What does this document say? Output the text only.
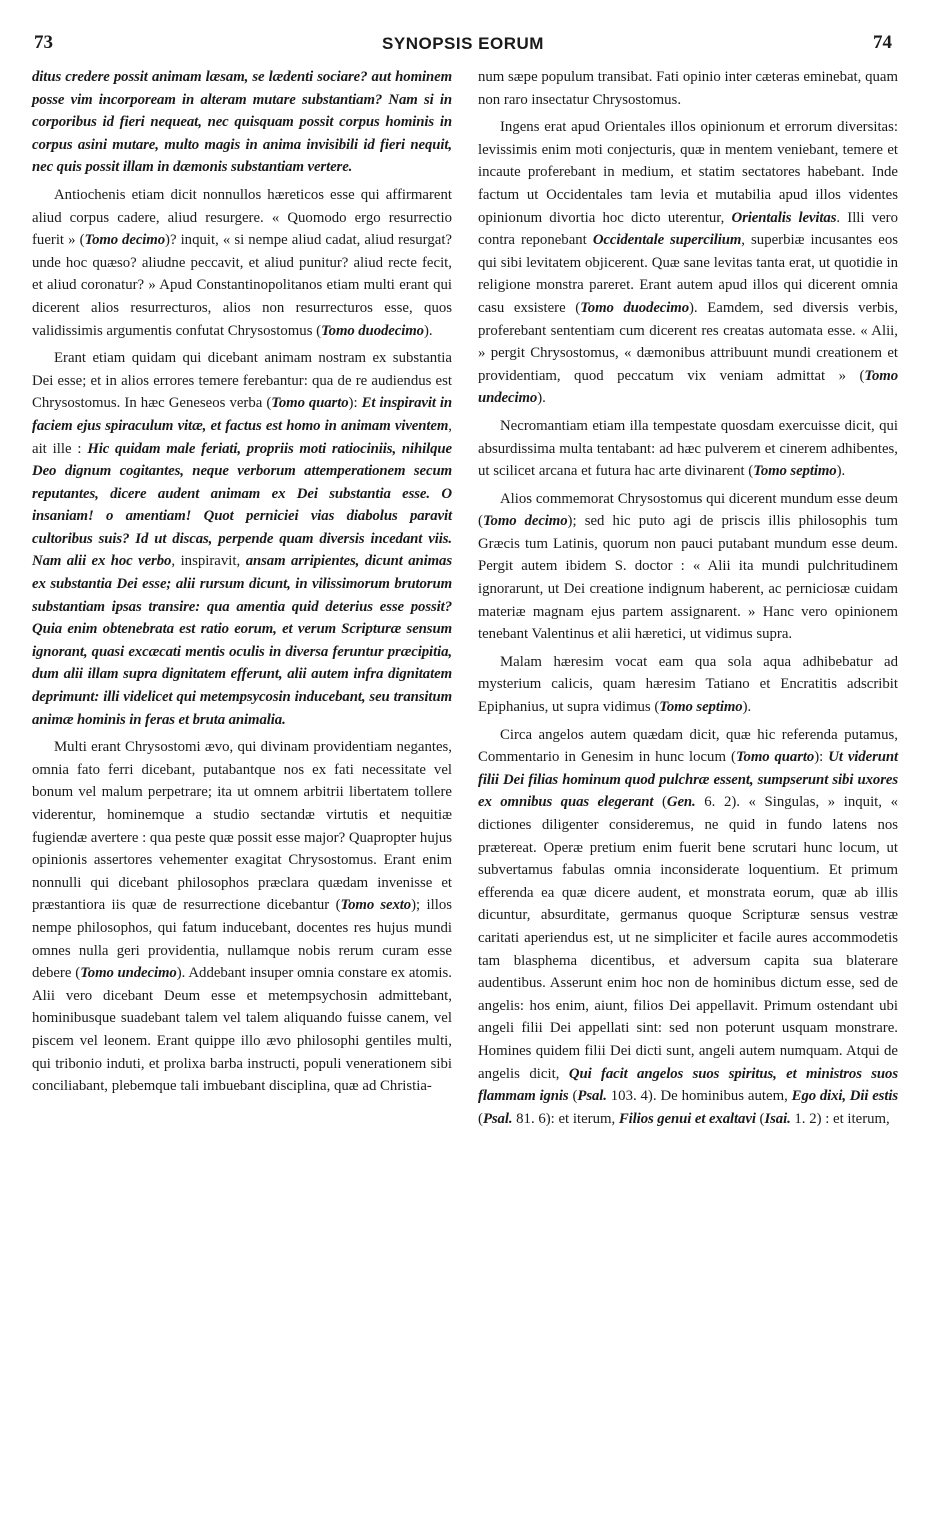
73	SYNOPSIS EORUM	74

ditus credere possit animam læsam, se lædenti sociare? aut hominem posse vim incorpoream in alteram mutare substantiam? Nam si in corporibus id fieri nequeat, nec quisquam possit corpus hominis in corpus asini mutare, multo magis in anima invisibili id fieri nequit, nec quis possit illam in dæmonis substantiam vertere.

Antiochenis etiam dicit nonnullos hæreticos esse qui affirmarent aliud corpus cadere, aliud resurgere. « Quomodo ergo resurrectio fuerit » (Tomo decimo)? inquit, « si nempe aliud cadat, aliud resurgat? unde hoc quæso? aliudne peccavit, et aliud punitur? aliud recte fecit, et aliud coronatur? » Apud Constantinopolitanos etiam multi erant qui dicerent alios resurrecturos, alios non resurrecturos esse, quos validissimis argumentis confutat Chrysostomus (Tomo duodecimo).

Erant etiam quidam qui dicebant animam nostram ex substantia Dei esse; et in alios errores temere ferebantur: qua de re audiendus est Chrysostomus. In hæc Geneseos verba (Tomo quarto): Et inspiravit in faciem ejus spiraculum vitæ, et factus est homo in animam viventem, ait ille : Hic quidam male feriati, propriis moti ratiociniis, nihilque Deo dignum cogitantes, neque verborum attemperationem secum reputantes, dicere audent animam ex Dei substantia esse. O insaniam! o amentiam! Quot perniciei vias diabolus paravit cultoribus suis? Id ut discas, perpende quam diversis incedant viis. Nam alii ex hoc verbo, inspiravit, ansam arripientes, dicunt animas ex substantia Dei esse; alii rursum dicunt, in vilissimorum brutorum substantiam ipsas transire: qua amentia quid deterius esse possit? Quia enim obtenebrata est ratio eorum, et verum Scripturæ sensum ignorant, quasi excæcati mentis oculis in diversa feruntur præcipitia, dum alii illam supra dignitatem efferunt, alii autem infra dignitatem deprimunt: illi videlicet qui metempsycosin inducebant, seu transitum animæ hominis in feras et bruta animalia.

Multi erant Chrysostomi ævo, qui divinam providentiam negantes, omnia fato ferri dicebant, putabantque nos ex fati necessitate vel bonum vel malum perpetrare; ita ut omnem arbitrii libertatem tollere viderentur, hominemque a studio sectandæ virtutis et nequitiæ fugiendæ avertere : qua peste quæ possit esse major? Quapropter hujus opinionis assertores vehementer exagitat Chrysostomus. Erant enim nonnulli qui dicebant philosophos præclara quædam invenisse et præstantiora iis quæ de resurrectione dicebantur (Tomo sexto); illos nempe philosophos, qui fatum inducebant, docentes res hujus mundi omnes nulla geri providentia, nullamque nobis rerum curam esse debere (Tomo undecimo). Addebant insuper omnia constare ex atomis. Alii vero dicebant Deum esse et metempsychosin admittebant, hominibusque suadebant talem vel talem aliquando fuisse canem, vel piscem vel leonem. Erant quippe illo ævo philosophi gentiles multi, qui tribonio induti, et prolixa barba instructi, populi venerationem sibi conciliabant, plebemque tali imbuebant disciplina, quæ ad Christia-

num sæpe populum transibat. Fati opinio inter cæteras eminebat, quam non raro insectatur Chrysostomus.

Ingens erat apud Orientales illos opinionum et errorum diversitas: levissimis enim moti conjecturis, quæ in mentem veniebant, temere et incaute proferebant in medium, et statim sectatores habebant. Inde factum ut Occidentales tam levia et mutabilia apud illos videntes opinionum divortia hoc dicto uterentur, Orientalis levitas. Illi vero contra reponebant Occidentale supercilium, superbiæ incusantes eos qui sibi levitatem objicerent. Quæ sane levitas tanta erat, ut quotidie in religione monstra pareret. Erant autem apud illos qui dicerent omnia casu exsistere (Tomo duodecimo). Eamdem, sed diversis verbis, proferebant sententiam cum dicerent res creatas automata esse. « Alii, » pergit Chrysostomus, « dæmonibus attribuunt mundi creationem et providentiam, quod peccatum vix veniam admittat » (Tomo undecimo).

Necromantiam etiam illa tempestate quosdam exercuisse dicit, qui absurdissima multa tentabant: ad hæc pulverem et cinerem adhibentes, ut scilicet arcana et futura hac arte divinarent (Tomo septimo).

Alios commemorat Chrysostomus qui dicerent mundum esse deum (Tomo decimo); sed hic puto agi de priscis illis philosophis tum Græcis tum Latinis, quorum non pauci putabant mundum esse deum. Pergit autem ibidem S. doctor : « Alii ita mundi pulchritudinem ignorarunt, ut Dei creatione indignum haberent, ac perniciosæ cuidam materiæ magnam ejus partem assignarent. » Hanc vero opinionem tenebant Valentinus et alii hæretici, ut vidimus supra.

Malam hæresim vocat eam qua sola aqua adhibebatur ad mysterium calicis, quam hæresim Tatiano et Encratitis adscribit Epiphanius, ut supra vidimus (Tomo septimo).

Circa angelos autem quædam dicit, quæ hic referenda putamus, Commentario in Genesim in hunc locum (Tomo quarto): Ut viderunt filii Dei filias hominum quod pulchræ essent, sumpserunt sibi uxores ex omnibus quas elegerant (Gen. 6. 2). « Singulas, » inquit, « dictiones diligenter consideremus, ne quid in fundo latens nos prætereat. Operæ pretium enim fuerit bene scrutari hunc locum, ut subvertamus fabulas omnia inconsiderate loquentium. Et primum efferenda ea quæ dicere audent, et monstrata eorum, quæ ab illis dicuntur, absurditate, germanus quoque Scripturæ sensus vestræ caritati aperiendus est, ut ne simpliciter et facile aures accommodetis tam blasphema dicentibus, et adversum capita sua blaterare audentibus. Asserunt enim hoc non de hominibus dictum esse, sed de angelis: hos enim, aiunt, filios Dei appellavit. Primum ostendant ubi angeli filii Dei appellati sint: sed non poterunt usquam monstrare. Homines quidem filii Dei dicti sunt, angeli autem numquam. Atqui de angelis dicit, Qui facit angelos suos spiritus, et ministros suos flammam ignis (Psal. 103. 4). De hominibus autem, Ego dixi, Dii estis (Psal. 81. 6): et iterum, Filios genui et exaltavi (Isai. 1. 2) : et iterum,
